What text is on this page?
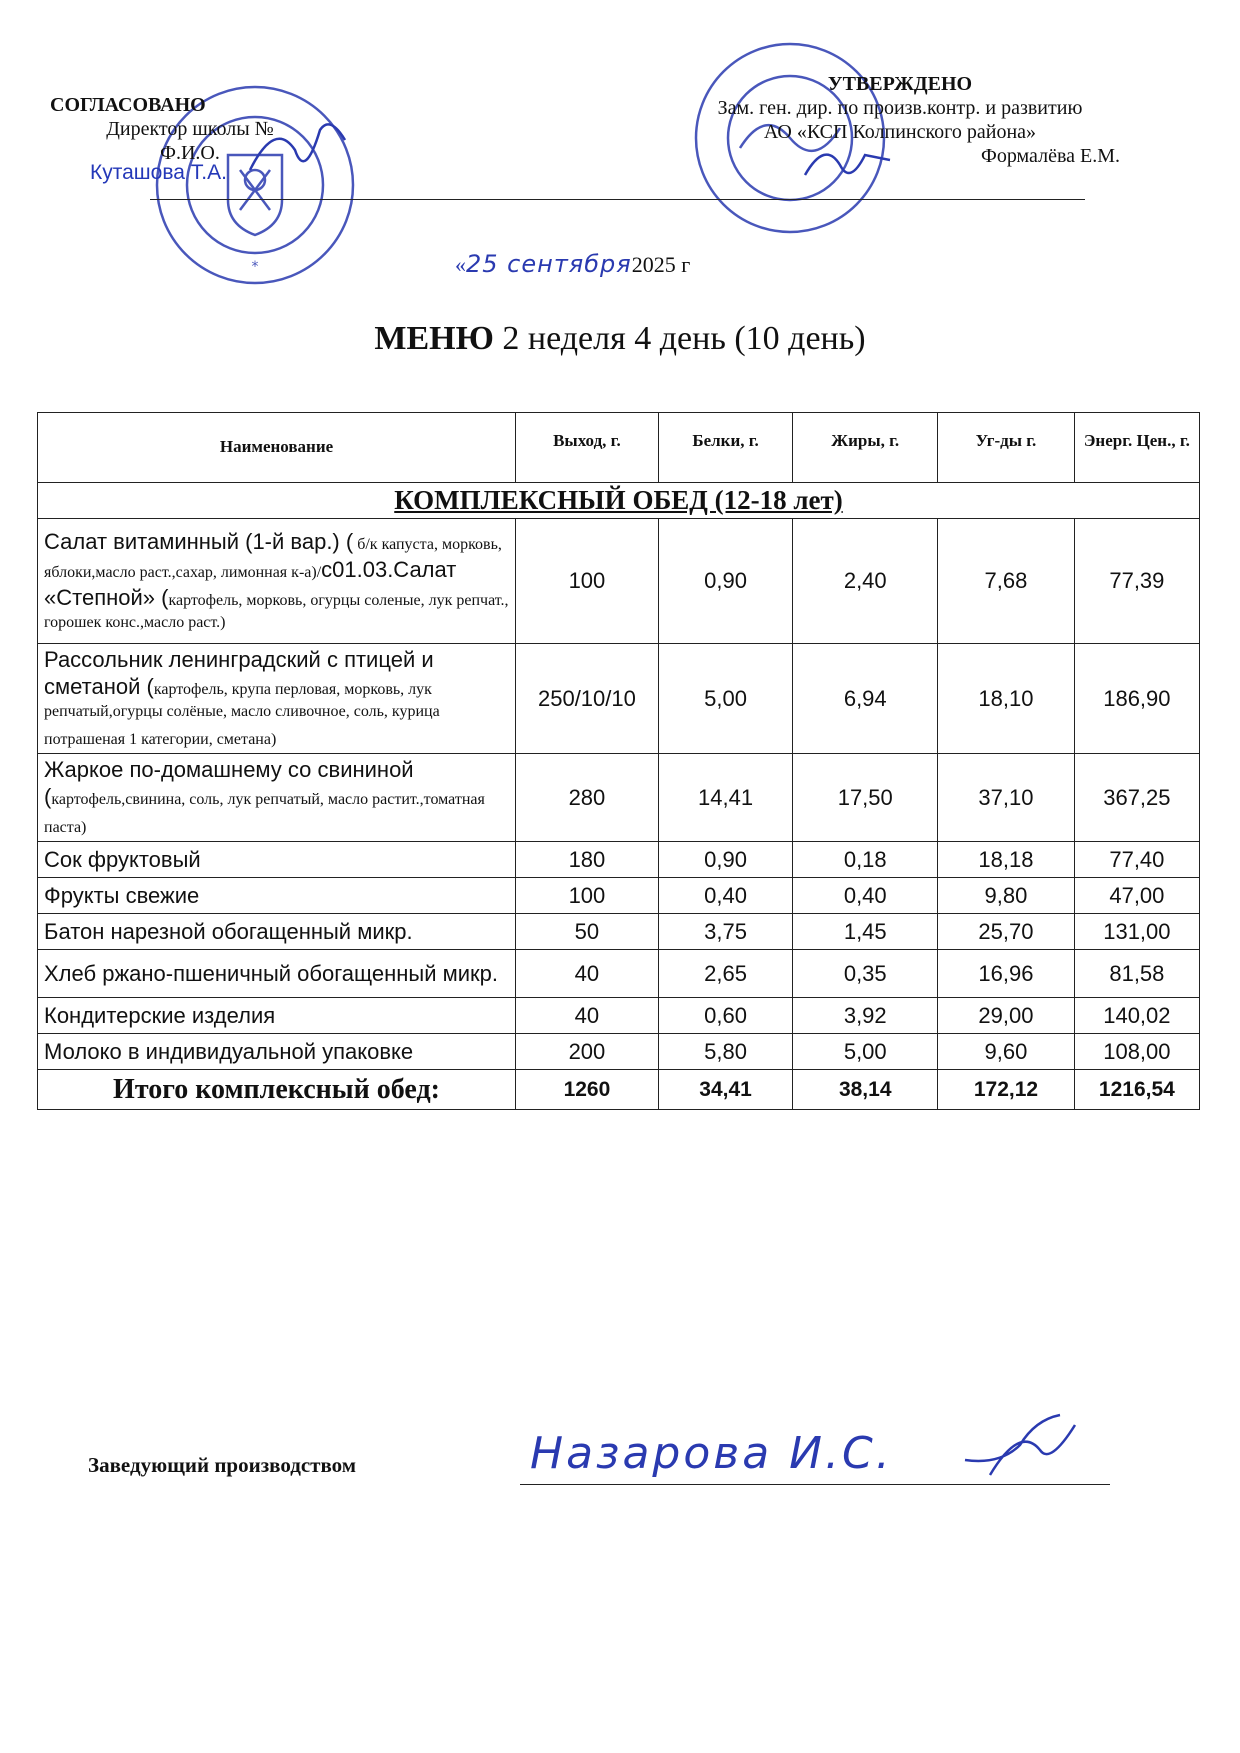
*
СОГЛАСОВАНО
Директор школы №
Ф.И.О.
Куташова Т.А.
УТВЕРЖДЕНО
Зам. ген. дир. по произв.контр. и развитию
АО «КСП Колпинского района»
Формалёва Е.М.
«25 сентября2025 г
МЕНЮ 2 неделя 4 день (10 день)
Наименование	Выход, г.	Белки, г.	Жиры, г.	Уг-ды г.	Энерг. Цен., г.
КОМПЛЕКСНЫЙ ОБЕД (12-18 лет)					
Салат витаминный (1-й вар.) ( б/к капуста, морковь, яблоки,масло раст.,сахар, лимонная к-а)/с01.03.Салат «Степной» (картофель, морковь, огурцы соленые, лук репчат., горошек конс.,масло раст.)	100	0,90	2,40	7,68	77,39
Рассольник ленинградский с птицей и сметаной (картофель, крупа перловая, морковь, лук репчатый,огурцы солёные, масло сливочное, соль, курица потрашеная 1 категории, сметана)	250/10/10	5,00	6,94	18,10	186,90
Жаркое по-домашнему со свининой (картофель,свинина, соль, лук репчатый, масло растит.,томатная паста)	280	14,41	17,50	37,10	367,25
Сок фруктовый	180	0,90	0,18	18,18	77,40
Фрукты свежие	100	0,40	0,40	9,80	47,00
Батон нарезной обогащенный микр.	50	3,75	1,45	25,70	131,00
Хлеб ржано-пшеничный обогащенный микр.	40	2,65	0,35	16,96	81,58
Кондитерские изделия	40	0,60	3,92	29,00	140,02
Молоко в индивидуальной упаковке	200	5,80	5,00	9,60	108,00
Итого комплексный обед:	1260	34,41	38,14	172,12	1216,54
Заведующий производством	Назарова И.С.
